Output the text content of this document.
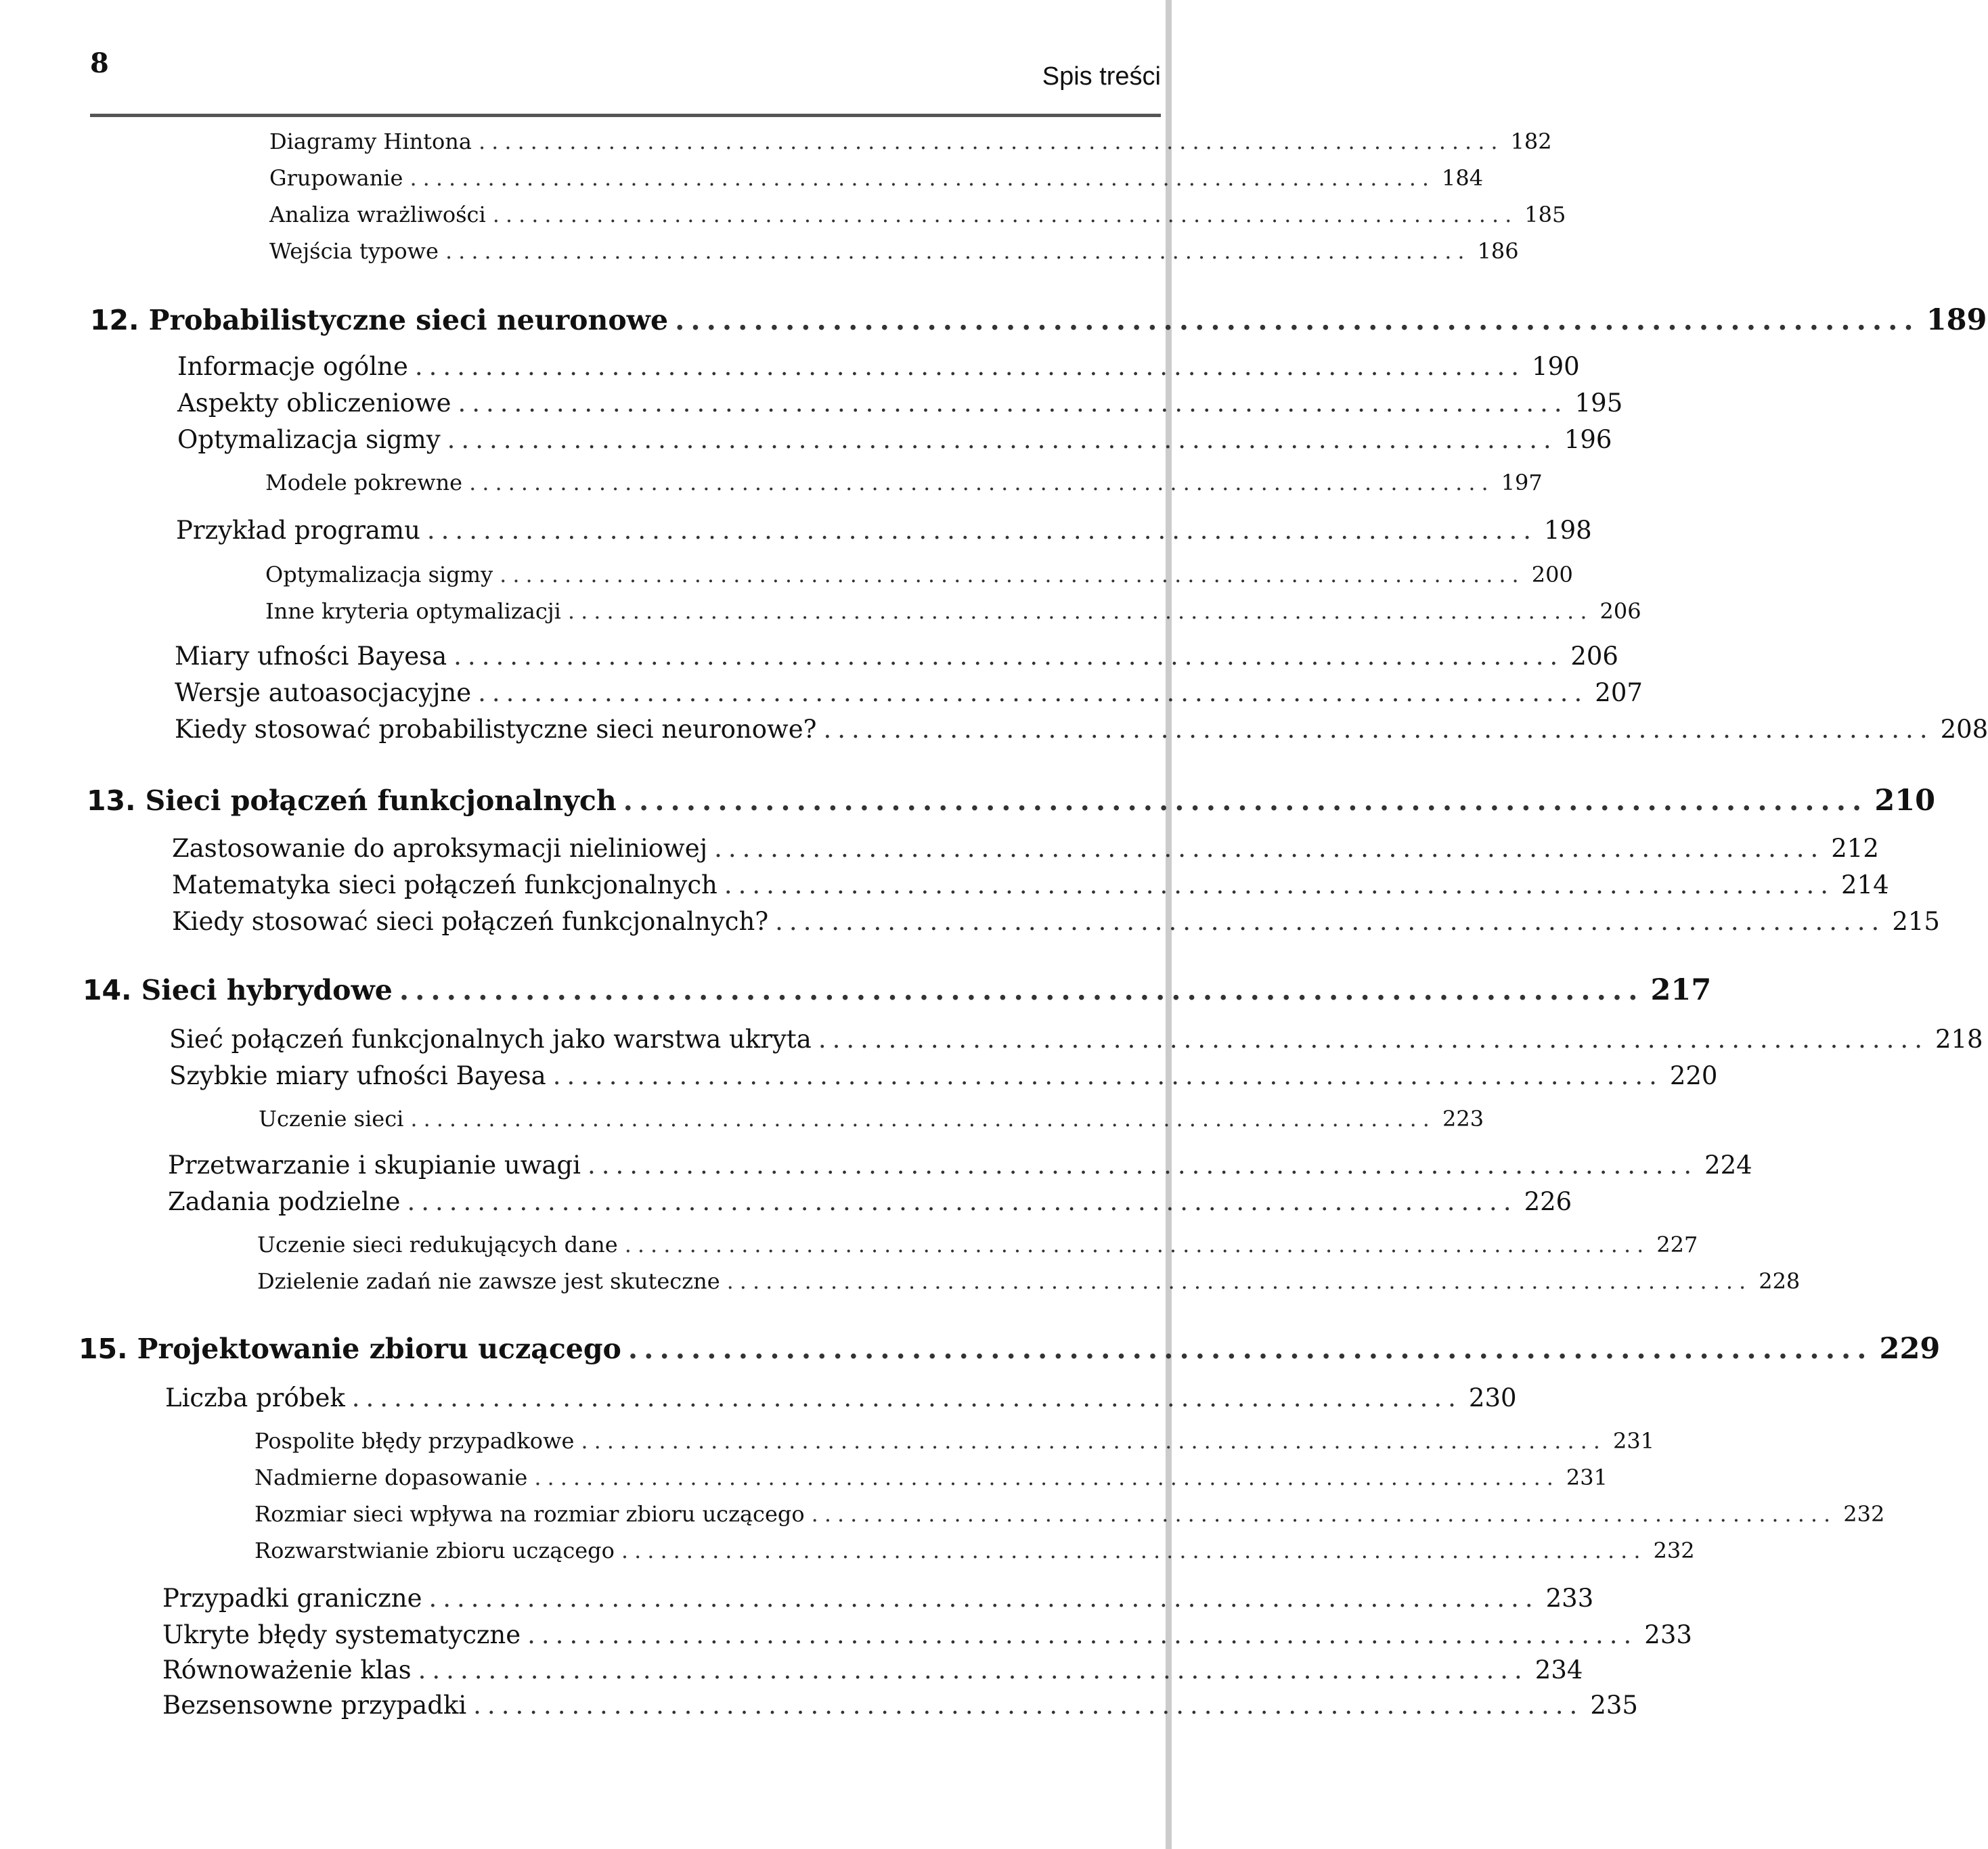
8	Spis treści
Diagramy Hintona ............................................................................... 182
Grupowanie ............................................................................... 184
Analiza wrażliwości ............................................................................... 185
Wejścia typowe ............................................................................... 186
12. Probabilistyczne sieci neuronowe ............................................................................... 189
Informacje ogólne ............................................................................... 190
Aspekty obliczeniowe ............................................................................... 195
Optymalizacja sigmy ............................................................................... 196
Modele pokrewne ............................................................................... 197
Przykład programu ............................................................................... 198
Optymalizacja sigmy ............................................................................... 200
Inne kryteria optymalizacji ............................................................................... 206
Miary ufności Bayesa ............................................................................... 206
Wersje autoasocjacyjne ............................................................................... 207
Kiedy stosować probabilistyczne sieci neuronowe? ............................................................................... 208
13. Sieci połączeń funkcjonalnych ............................................................................... 210
Zastosowanie do aproksymacji nieliniowej ............................................................................... 212
Matematyka sieci połączeń funkcjonalnych ............................................................................... 214
Kiedy stosować sieci połączeń funkcjonalnych? ............................................................................... 215
14. Sieci hybrydowe ............................................................................... 217
Sieć połączeń funkcjonalnych jako warstwa ukryta ............................................................................... 218
Szybkie miary ufności Bayesa ............................................................................... 220
Uczenie sieci ............................................................................... 223
Przetwarzanie i skupianie uwagi ............................................................................... 224
Zadania podzielne ............................................................................... 226
Uczenie sieci redukujących dane ............................................................................... 227
Dzielenie zadań nie zawsze jest skuteczne ............................................................................... 228
15. Projektowanie zbioru uczącego ............................................................................... 229
Liczba próbek ............................................................................... 230
Pospolite błędy przypadkowe ............................................................................... 231
Nadmierne dopasowanie ............................................................................... 231
Rozmiar sieci wpływa na rozmiar zbioru uczącego ............................................................................... 232
Rozwarstwianie zbioru uczącego ............................................................................... 232
Przypadki graniczne ............................................................................... 233
Ukryte błędy systematyczne ............................................................................... 233
Równoważenie klas ............................................................................... 234
Bezsensowne przypadki ............................................................................... 235
